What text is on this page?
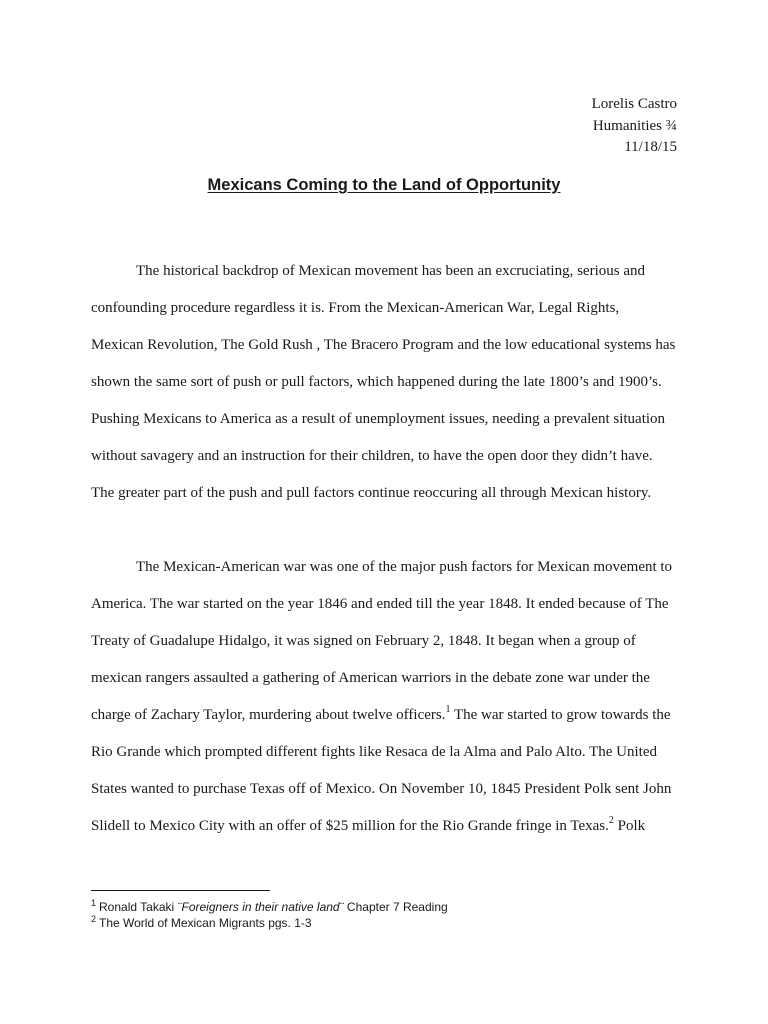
Lorelis Castro
Humanities ¾
11/18/15
Mexicans Coming to the Land of Opportunity
The historical backdrop of Mexican movement has been an excruciating, serious and
confounding procedure regardless it is. From the Mexican-American War, Legal Rights,
Mexican Revolution, The Gold Rush , The Bracero Program and the low educational systems has
shown the same sort of push or pull factors, which happened during the late 1800’s and 1900’s.
Pushing Mexicans to America as a result of unemployment issues, needing a prevalent situation
without savagery and an instruction for their children, to have the open door they didn’t have.
The greater part of the push and pull factors continue reoccuring all through Mexican history.
The Mexican-American war was one of the major push factors for Mexican movement to
America. The war started on the year 1846 and ended till the year 1848. It ended because of The
Treaty of Guadalupe Hidalgo, it was signed on February 2, 1848. It began when a group of
mexican rangers assaulted a gathering of American warriors in the debate zone war under the
charge of Zachary Taylor, murdering about twelve officers.$^1$ The war started to grow towards the
Rio Grande which prompted different fights like Resaca de la Alma and Palo Alto. The United
States wanted to purchase Texas off of Mexico. On November 10, 1845 President Polk sent John
Slidell to Mexico City with an offer of $25 million for the Rio Grande fringe in Texas.$^2$ Polk
$^1$ Ronald Takaki ¨Foreigners in their native land¨ Chapter 7 Reading
$^2$ The World of Mexican Migrants pgs. 1-3
